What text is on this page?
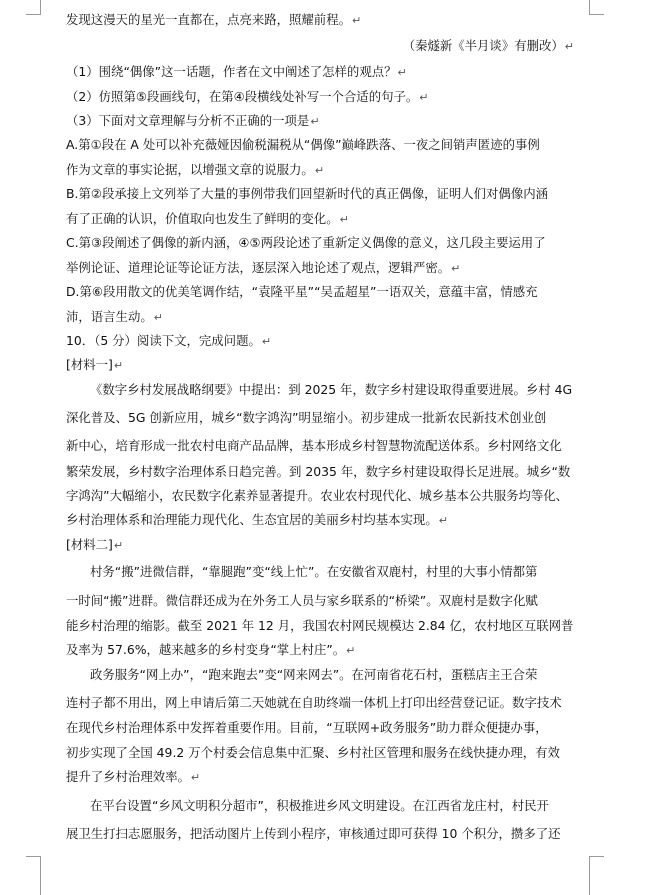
发现这漫天的星光一直都在，点亮来路，照耀前程。↵
（秦燧新《半月谈》有删改）↵
（1）围绕“偶像”这一话题，作者在文中阐述了怎样的观点？↵
（2）仿照第⑤段画线句，在第④段横线处补写一个合适的句子。↵
（3）下面对文章理解与分析不正确的一项是↵
A.第①段在 A 处可以补充薇娅因偷税漏税从“偶像”巅峰跌落、一夜之间销声匿迹的事例
作为文章的事实论据，以增强文章的说服力。↵
B.第②段承接上文列举了大量的事例带我们回望新时代的真正偶像，证明人们对偶像内涵
有了正确的认识，价值取向也发生了鲜明的变化。↵
C.第③段阐述了偶像的新内涵，④⑤两段论述了重新定义偶像的意义，这几段主要运用了
举例论证、道理论证等论证方法，逐层深入地论述了观点，逻辑严密。↵
D.第⑥段用散文的优美笔调作结，“袁隆平星”“吴孟超星”一语双关，意蕴丰富，情感充
沛，语言生动。↵
10．（5 分）阅读下文，完成问题。↵
[材料一]↵
《数字乡村发展战略纲要》中提出：到 2025 年，数字乡村建设取得重要进展。乡村 4G
深化普及、5G 创新应用，城乡“数字鸿沟”明显缩小。初步建成一批新农民新技术创业创
新中心，培育形成一批农村电商产品品牌，基本形成乡村智慧物流配送体系。乡村网络文化
繁荣发展，乡村数字治理体系日趋完善。到 2035 年，数字乡村建设取得长足进展。城乡“数
字鸿沟”大幅缩小，农民数字化素养显著提升。农业农村现代化、城乡基本公共服务均等化、
乡村治理体系和治理能力现代化、生态宜居的美丽乡村均基本实现。↵
[材料二]↵
村务“搬”进微信群，“靠腿跑”变“线上忙”。在安徽省双鹿村，村里的大事小情都第
一时间“搬”进群。微信群还成为在外务工人员与家乡联系的“桥梁”。双鹿村是数字化赋
能乡村治理的缩影。截至 2021 年 12 月，我国农村网民规模达 2.84 亿，农村地区互联网普
及率为 57.6%，越来越多的乡村变身“掌上村庄”。↵
政务服务“网上办”，“跑来跑去”变“网来网去”。在河南省花石村，蛋糕店主王合荣
连村子都不用出，网上申请后第二天她就在自助终端一体机上打印出经营登记证。数字技术
在现代乡村治理体系中发挥着重要作用。目前，“互联网+政务服务”助力群众便捷办事，
初步实现了全国 49.2 万个村委会信息集中汇聚、乡村社区管理和服务在线快捷办理，有效
提升了乡村治理效率。↵
在平台设置“乡风文明积分超市”，积极推进乡风文明建设。在江西省龙庄村，村民开
展卫生打扫志愿服务，把活动图片上传到小程序，审核通过即可获得 10 个积分，攒多了还
